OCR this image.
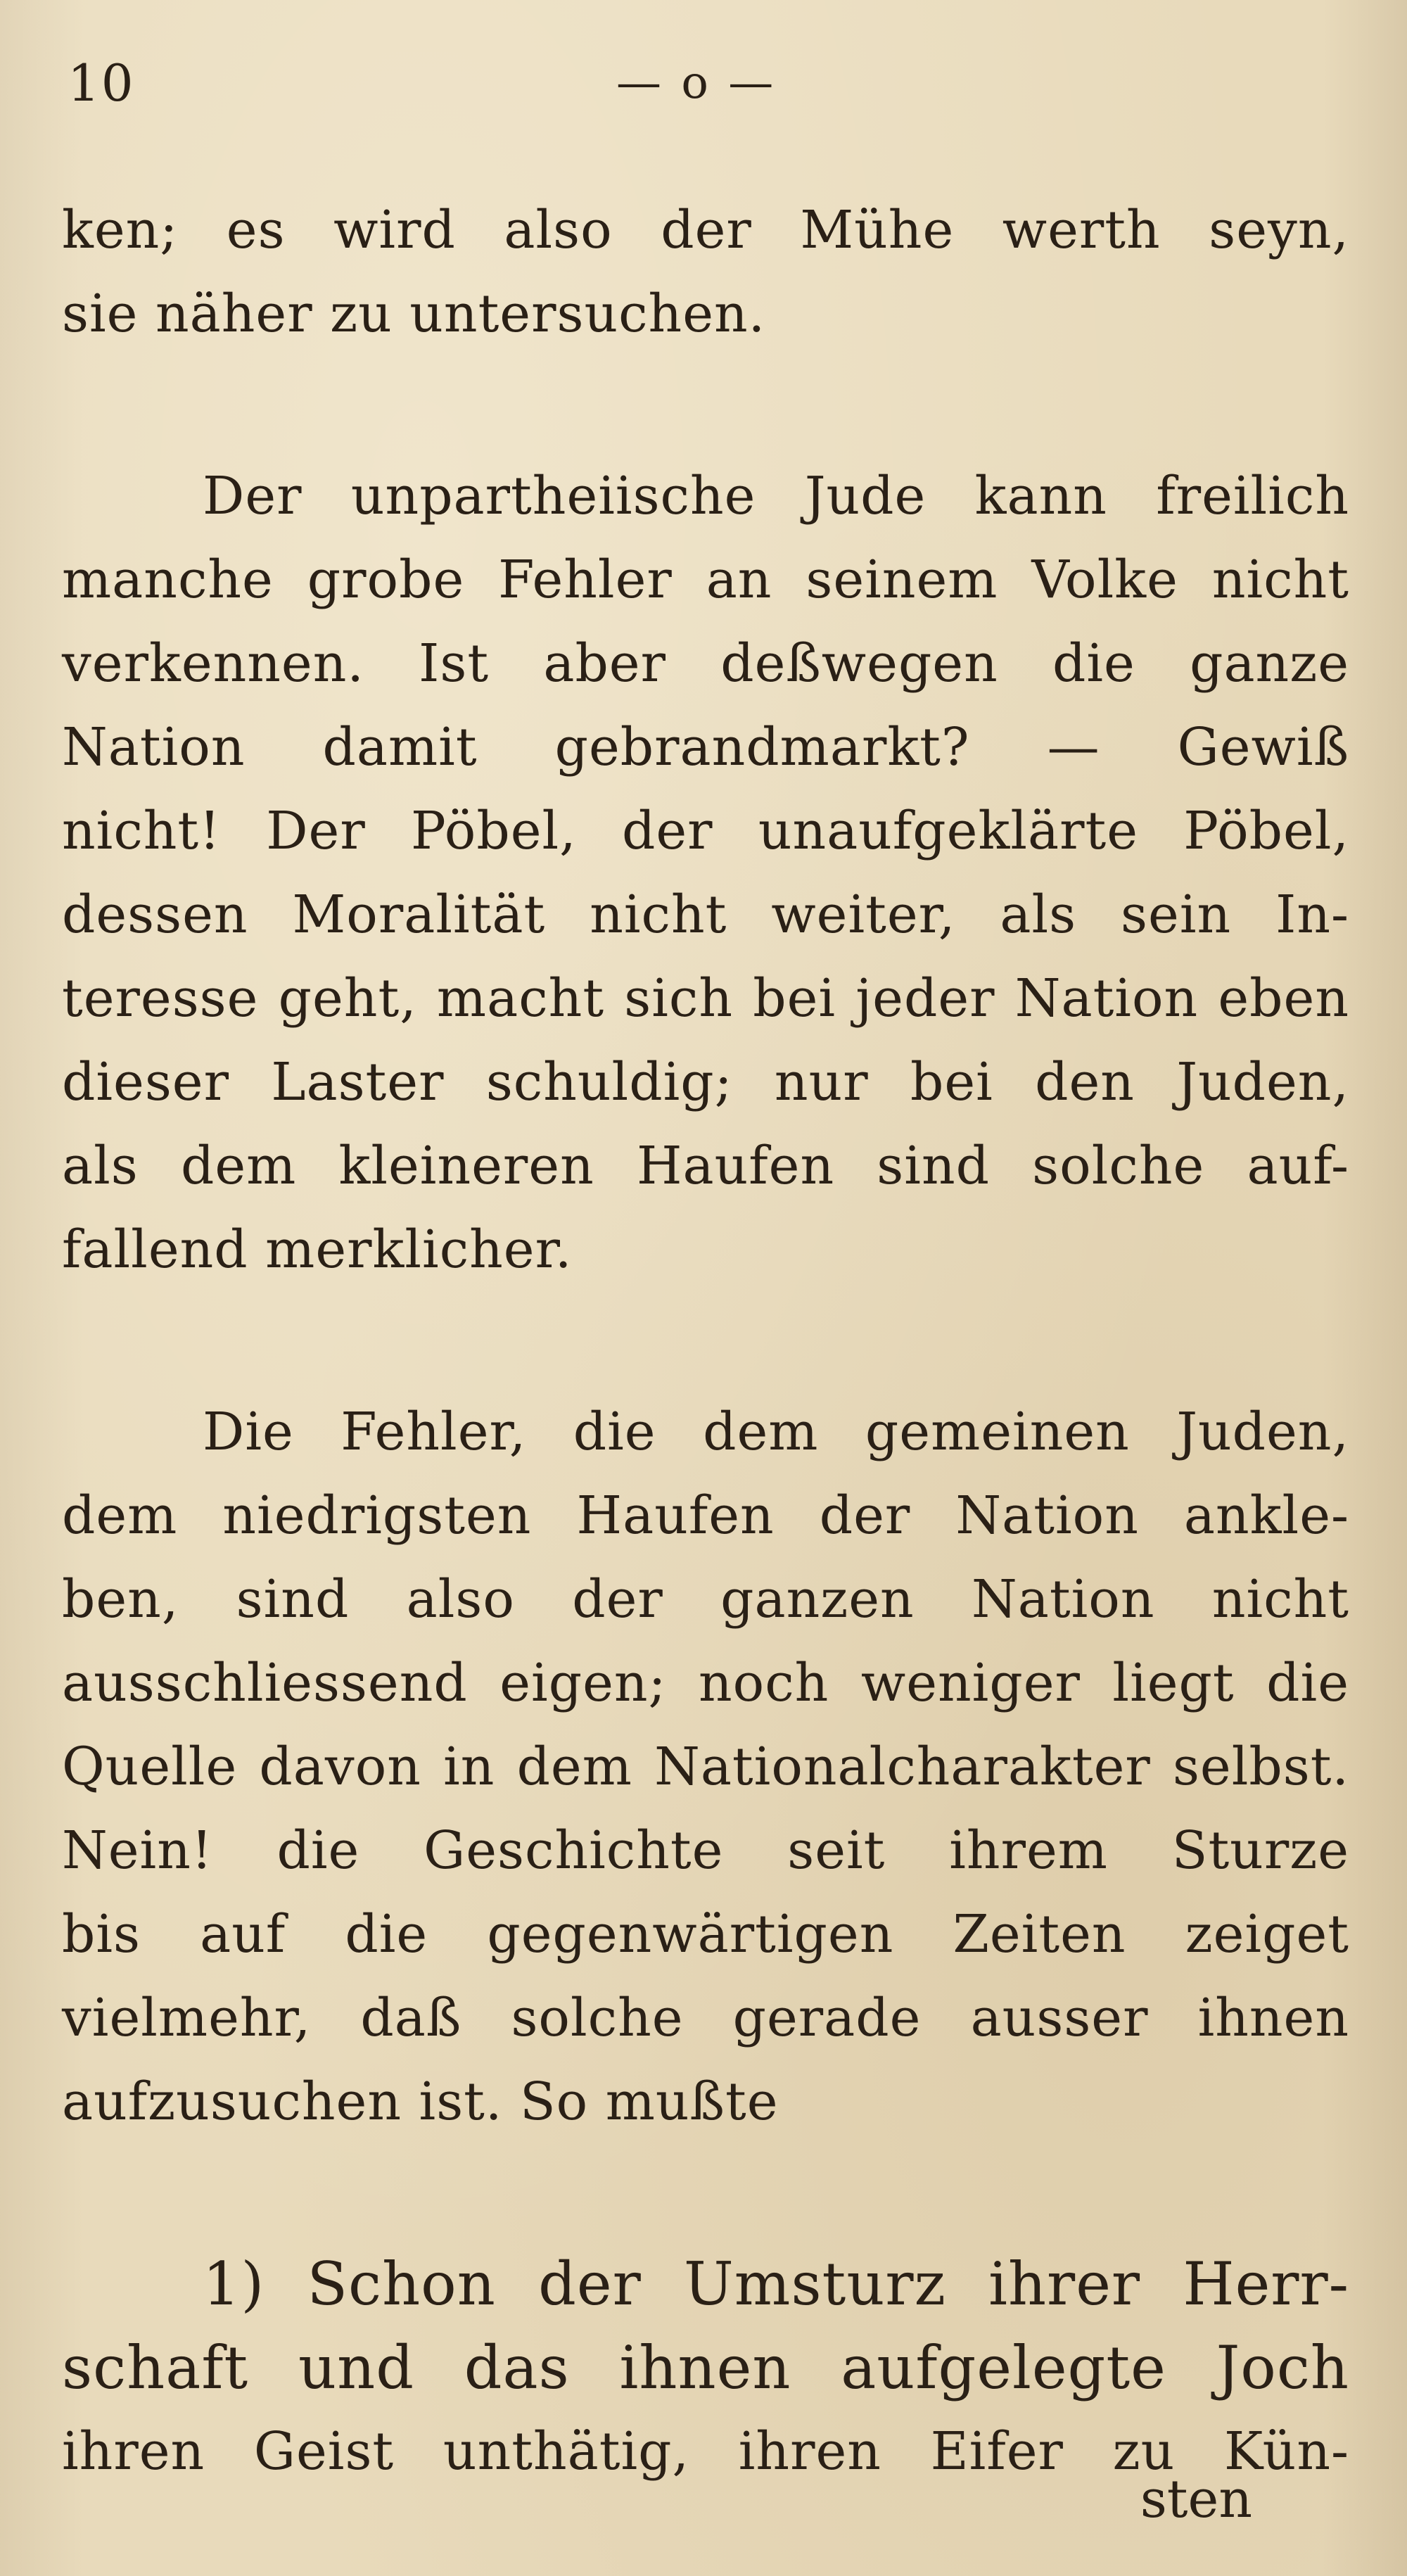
10	— o —
ken; es wird also der Mühe werth seyn,
sie näher zu untersuchen.
Der unpartheiische Jude kann freilich
manche grobe Fehler an seinem Volke nicht
verkennen. Ist aber deßwegen die ganze
Nation damit gebrandmarkt? — Gewiß
nicht! Der Pöbel, der unaufgeklärte Pöbel,
dessen Moralität nicht weiter, als sein In-
teresse geht, macht sich bei jeder Nation eben
dieser Laster schuldig; nur bei den Juden,
als dem kleineren Haufen sind solche auf-
fallend merklicher.
Die Fehler, die dem gemeinen Juden,
dem niedrigsten Haufen der Nation ankle-
ben, sind also der ganzen Nation nicht
ausschliessend eigen; noch weniger liegt die
Quelle davon in dem Nationalcharakter selbst.
Nein! die Geschichte seit ihrem Sturze
bis auf die gegenwärtigen Zeiten zeiget
vielmehr, daß solche gerade ausser ihnen
aufzusuchen ist. So mußte
1) Schon der Umsturz ihrer Herr-
schaft und das ihnen aufgelegte Joch
ihren Geist unthätig, ihren Eifer zu Kün-
sten
